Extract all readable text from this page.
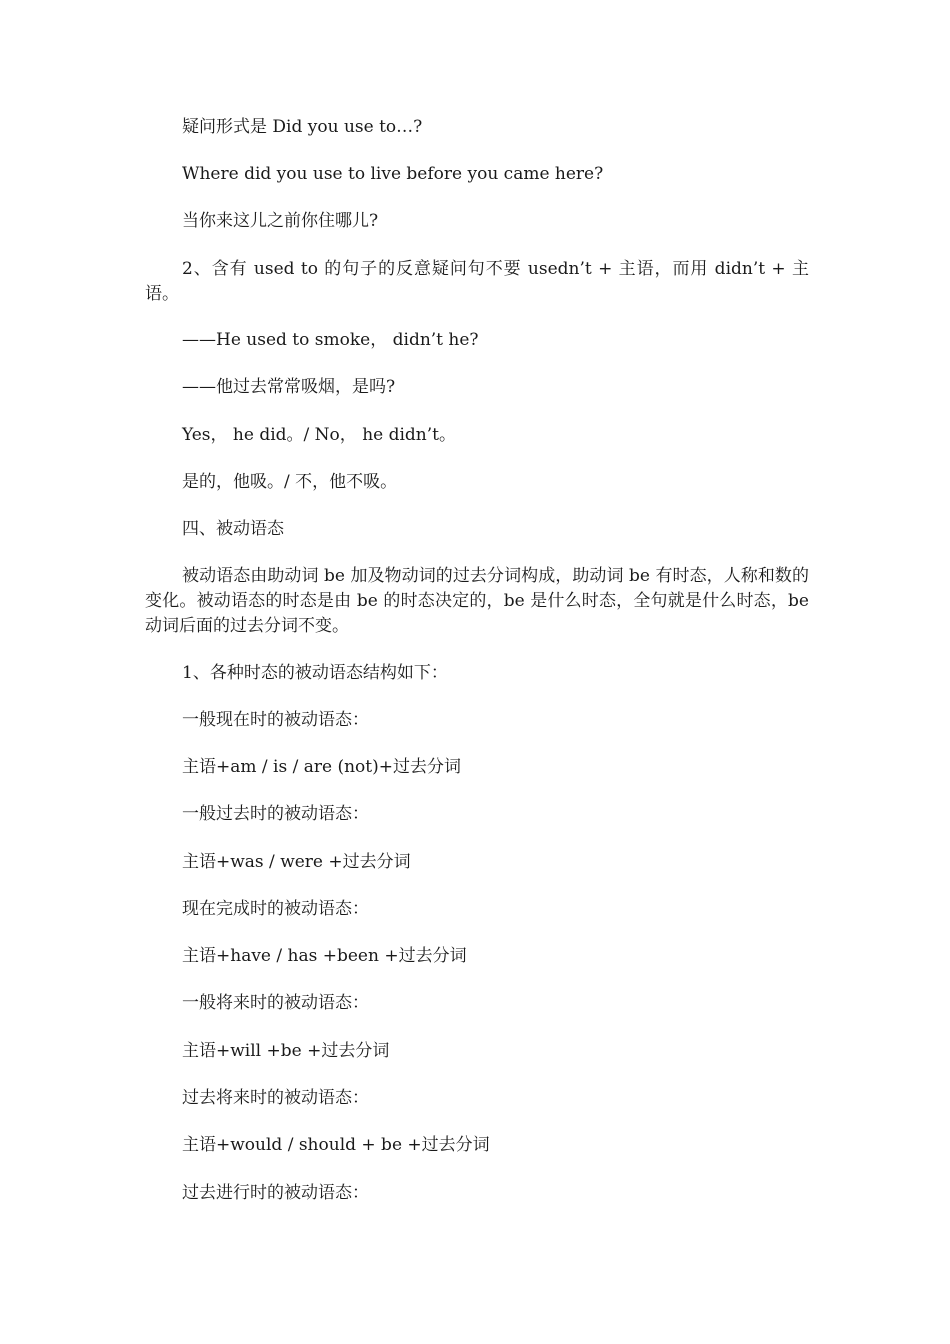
疑问形式是 Did you use to…?
Where did you use to live before you came here?
当你来这儿之前你住哪儿?
2、含有 used to 的句子的反意疑问句不要 usedn’t + 主语，而用 didn’t + 主语。
——He used to smoke， didn’t he?
——他过去常常吸烟，是吗?
Yes， he did。/ No， he didn’t。
是的，他吸。/ 不，他不吸。
四、被动语态
被动语态由助动词 be 加及物动词的过去分词构成，助动词 be 有时态，人称和数的变化。被动语态的时态是由 be 的时态决定的，be 是什么时态，全句就是什么时态，be 动词后面的过去分词不变。
1、各种时态的被动语态结构如下：
一般现在时的被动语态：
主语+am / is / are (not)+过去分词
一般过去时的被动语态：
主语+was / were +过去分词
现在完成时的被动语态：
主语+have / has +been +过去分词
一般将来时的被动语态：
主语+will +be +过去分词
过去将来时的被动语态：
主语+would / should + be +过去分词
过去进行时的被动语态：
